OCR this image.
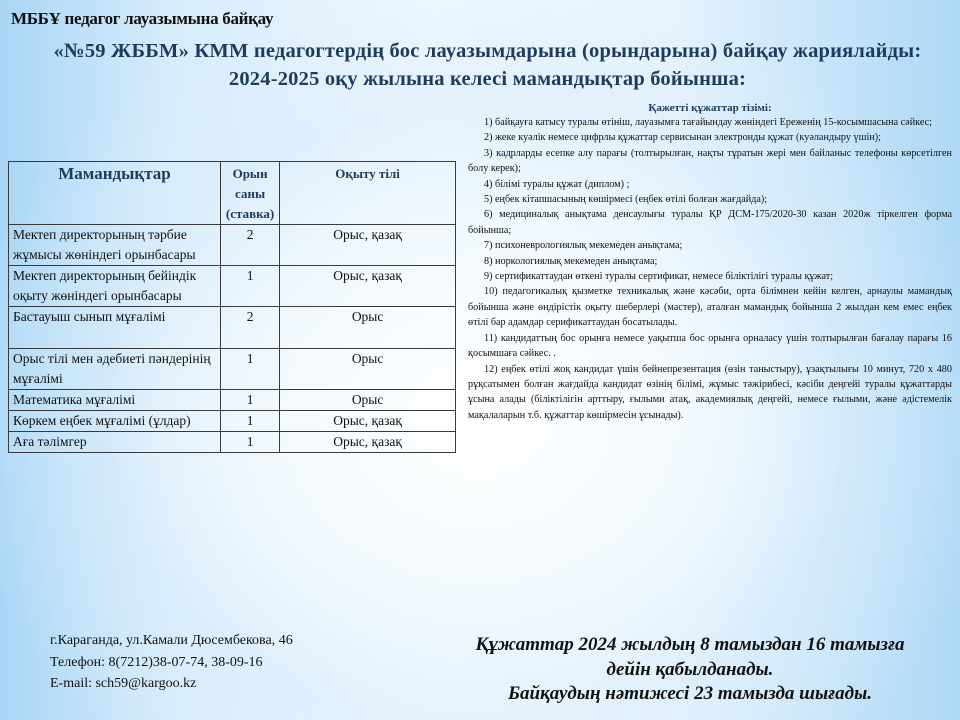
МББҰ педагог лауазымына байқау
«№59 ЖББМ» КММ педагогтердің бос лауазымдарына (орындарына) байқау жариялайды:
2024-2025 оқу жылына келесі мамандықтар бойынша:
Мамандықтар	Орын саны (ставка)	Оқыту тілі
Мектеп директорының тәрбие жұмысы жөніндегі орынбасары	2	Орыс, қазақ
Мектеп директорының бейіндік оқыту жөніндегі орынбасары	1	Орыс, қазақ
Бастауыш сынып мұғалімі	2	Орыс
Орыс тілі мен әдебиеті пәндерінің мұғалімі	1	Орыс
Математика мұғалімі	1	Орыс
Көркем еңбек мұғалімі (ұлдар)	1	Орыс, қазақ
Аға тәлімгер	1	Орыс, қазақ
Қажетті құжаттар тізімі:

1) байқауға катысу туралы өтініш, лауазымға тағайындау жөніндегі Ереженің 15-косымшасына сәйкес;

2) жеке куәлік немесе цифрлы құжаттар сервисынан электронды құжат (куәландыру үшін);

3) кадрларды есепке алу парағы (толтырылған, нақты тұратын жері мен байланыс телефоны көрсетілген болу керек);

4) білімі туралы құжат (диплом) ;

5) еңбек кітапшасының көшірмесі (еңбек өтілі болған жағдайда);

6) медициналық анықтама денсаулығы туралы ҚР ДСМ-175/2020-30 казан 2020ж тіркелген форма бойынша;

7) психоневрологиялық мекемеден анықтама;

8) норкологиялық мекемеден анықтама;

9) сертификаттаудан өткені туралы сертификат, немесе біліктілігі туралы құжат;

10) педагогикалық қызметке техникалық және кәсәби, орта білімнен кейін келген, арнаулы мамандық бойынша және өндірістік оқыту шеберлері (мастер), аталған мамандық бойынша 2 жылдан кем емес еңбек өтілі бар адамдар серификаттаудан босатылады.

11) кандидаттың бос орынға немесе уақытша бос орынға орналасу үшін толтырылған бағалау парағы 16 қосымшаға сәйкес. .

12) еңбек өтілі жоқ кандидат үшін бейнепрезентация (өзін таныстыру), ұзақтылығы 10 минут, 720 х 480 рұқсатымен болған жағдайда кандидат өзінің білімі, жұмыс тәжірибесі, кәсіби деңгейі туралы құжаттарды ұсына алады (біліктілігін арттыру, ғылыми атақ, академиялық деңгейі, немесе ғылыми, және әдістемелік мақалаларын т.б. құжаттар көшірмесін ұсынады).

г.Караганда, ул.Камали Дюсембекова, 46
Телефон: 8(7212)38-07-74, 38-09-16
E-mail: sch59@kargoo.kz
Құжаттар 2024 жылдың 8 тамыздан 16 тамызға
дейін қабылданады.
Байқаудың нәтижесі 23 тамызда шығады.
